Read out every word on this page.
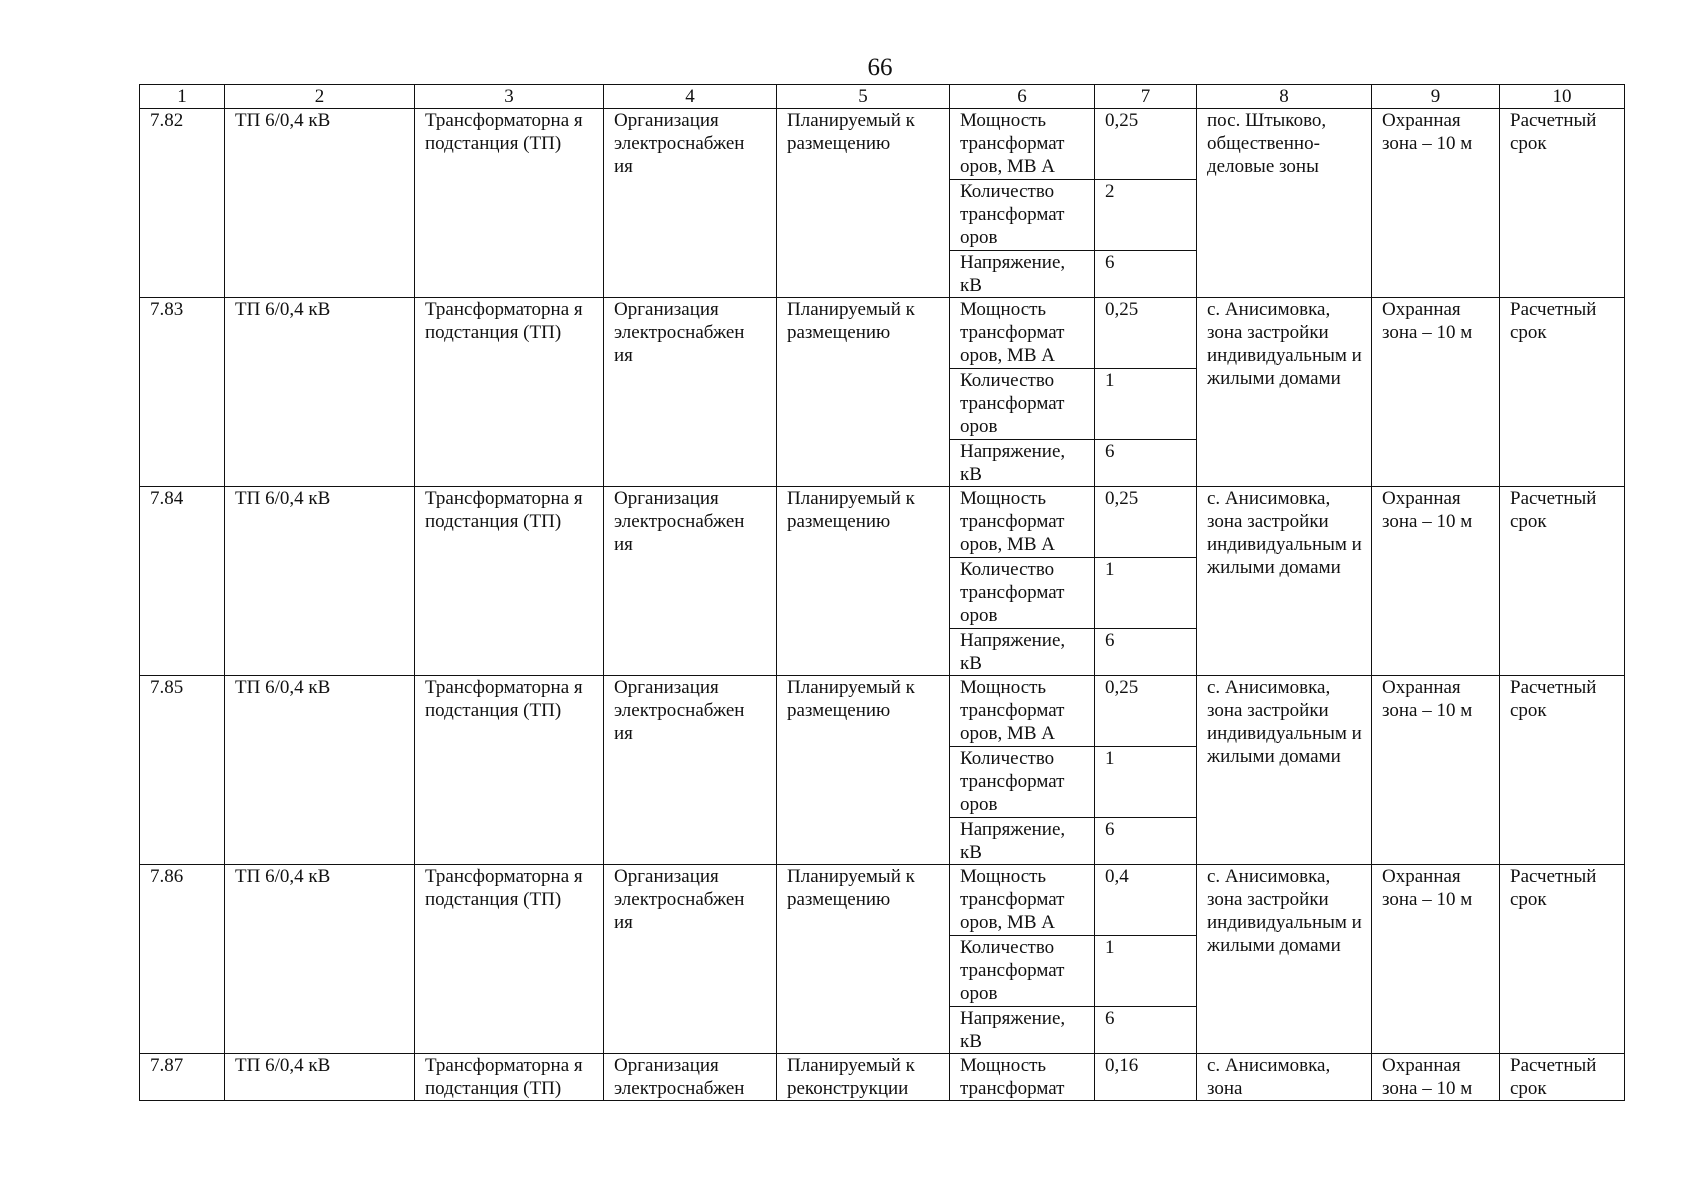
66
1	2	3	4	5	6	7	8	9	10
7.82	ТП 6/0,4 кВ	Трансформаторна я подстанция (ТП)	Организация электроснабжен ия	Планируемый к размещению	Мощность трансформат оров, МВ А	0,25	пос. Штыково, общественно- деловые зоны	Охранная зона – 10 м	Расчетный срок
					Количество трансформат оров	2			
					Напряжение, кВ	6			
7.83	ТП 6/0,4 кВ	Трансформаторна я подстанция (ТП)	Организация электроснабжен ия	Планируемый к размещению	Мощность трансформат оров, МВ А	0,25	с. Анисимовка, зона застройки индивидуальным и жилыми домами	Охранная зона – 10 м	Расчетный срок
					Количество трансформат оров	1			
					Напряжение, кВ	6			
7.84	ТП 6/0,4 кВ	Трансформаторна я подстанция (ТП)	Организация электроснабжен ия	Планируемый к размещению	Мощность трансформат оров, МВ А	0,25	с. Анисимовка, зона застройки индивидуальным и жилыми домами	Охранная зона – 10 м	Расчетный срок
					Количество трансформат оров	1			
					Напряжение, кВ	6			
7.85	ТП 6/0,4 кВ	Трансформаторна я подстанция (ТП)	Организация электроснабжен ия	Планируемый к размещению	Мощность трансформат оров, МВ А	0,25	с. Анисимовка, зона застройки индивидуальным и жилыми домами	Охранная зона – 10 м	Расчетный срок
					Количество трансформат оров	1			
					Напряжение, кВ	6			
7.86	ТП 6/0,4 кВ	Трансформаторна я подстанция (ТП)	Организация электроснабжен ия	Планируемый к размещению	Мощность трансформат оров, МВ А	0,4	с. Анисимовка, зона застройки индивидуальным и жилыми домами	Охранная зона – 10 м	Расчетный срок
					Количество трансформат оров	1			
					Напряжение, кВ	6			
7.87	ТП 6/0,4 кВ	Трансформаторна я подстанция (ТП)	Организация электроснабжен	Планируемый к реконструкции	Мощность трансформат	0,16	с. Анисимовка, зона	Охранная зона – 10 м	Расчетный срок
